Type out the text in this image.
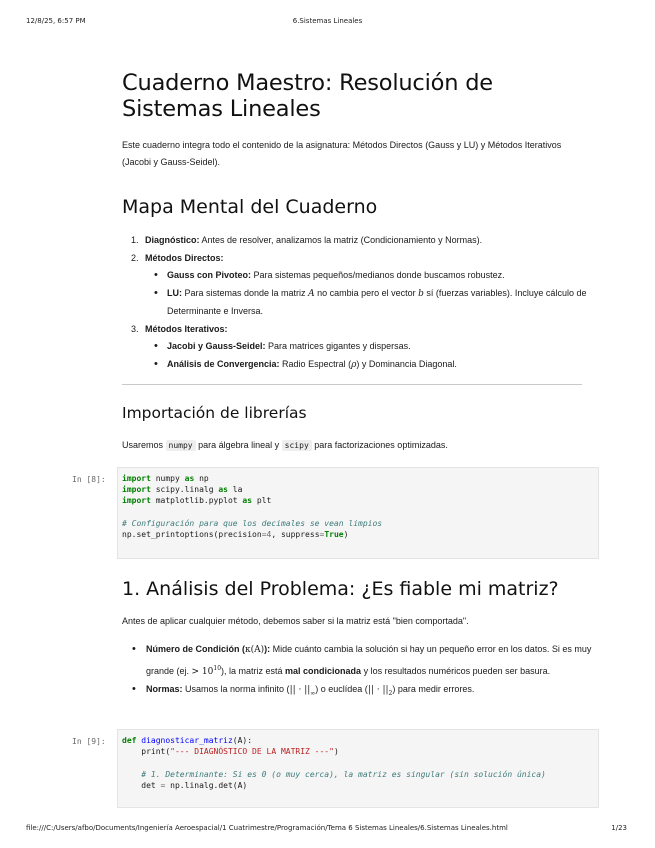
12/8/25, 6:57 PM	6.Sistemas Lineales
Cuaderno Maestro: Resolución de Sistemas Lineales

Este cuaderno integra todo el contenido de la asignatura: Métodos Directos (Gauss y LU) y Métodos Iterativos (Jacobi y Gauss-Seidel).

Mapa Mental del Cuaderno
1. Diagnóstico: Antes de resolver, analizamos la matriz (Condicionamiento y Normas).
2. Métodos Directos:
• Gauss con Pivoteo: Para sistemas pequeños/medianos donde buscamos robustez.
• LU: Para sistemas donde la matriz A no cambia pero el vector b sí (fuerzas variables). Incluye cálculo de Determinante e Inversa.
3. Métodos Iterativos:
• Jacobi y Gauss-Seidel: Para matrices gigantes y dispersas.
• Análisis de Convergencia: Radio Espectral (ρ) y Dominancia Diagonal.
Importación de librerías

Usaremos numpy para álgebra lineal y scipy para factorizaciones optimizadas.

1. Análisis del Problema: ¿Es fiable mi matriz?

Antes de aplicar cualquier método, debemos saber si la matriz está "bien comportada".

• Número de Condición (κ(A)): Mide cuánto cambia la solución si hay un pequeño error en los datos. Si es muy grande (ej. > $10^{10}$), la matriz está mal condicionada y los resultados numéricos pueden ser basura.
• Normas: Usamos la norma infinito (|| · $||_\infty$) o euclídea (|| · $||_2$) para medir errores.
In [8]:	import numpy as np
import scipy.linalg as la
import matplotlib.pyplot as plt

# Configuración para que los decimales se vean limpios
np.set_printoptions(precision=4, suppress=True)
In [9]:	def diagnosticar_matriz(A):
print("--- DIAGNÓSTICO DE LA MATRIZ ---")

# 1. Determinante: Si es 0 (o muy cerca), la matriz es singular (sin solución única)
det = np.linalg.det(A)
file:///C:/Users/afbo/Documents/Ingeniería Aeroespacial/1 Cuatrimestre/Programación/Tema 6 Sistemas Lineales/6.Sistemas Lineales.html	1/23
